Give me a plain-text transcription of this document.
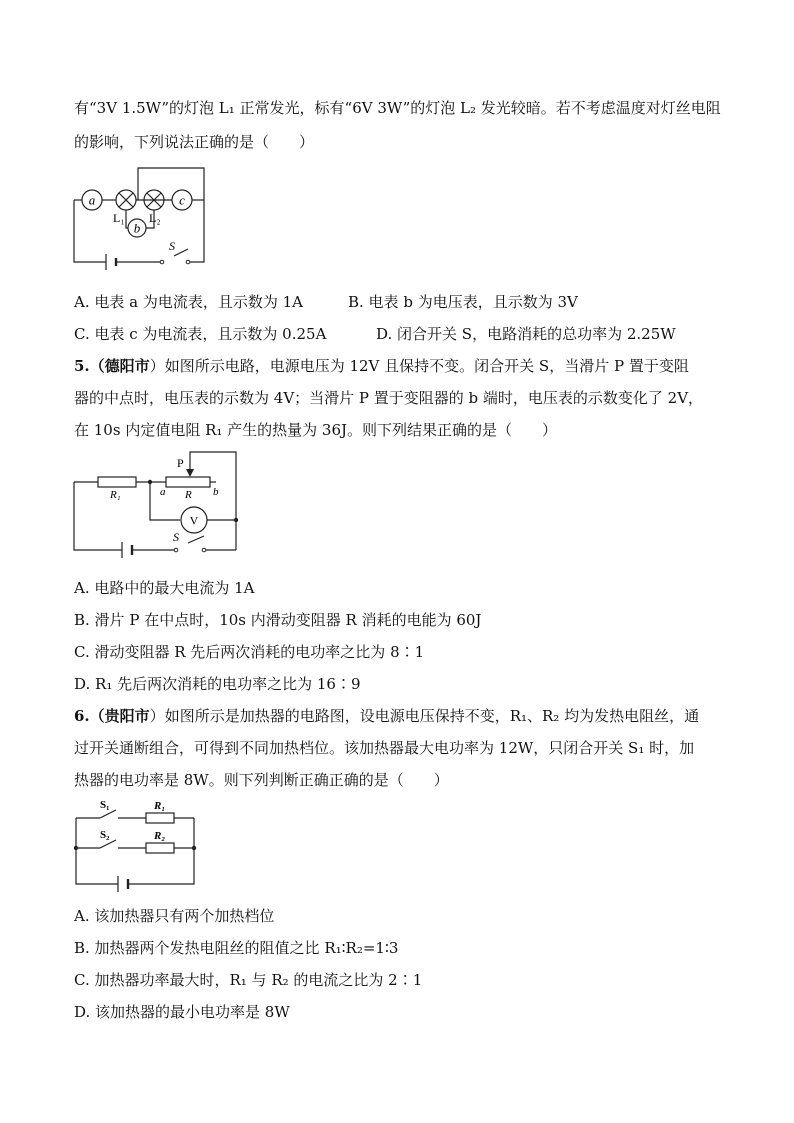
有“3V 1.5W”的灯泡 L₁ 正常发光，标有“6V 3W”的灯泡 L₂ 发光较暗。若不考虑温度对灯丝电阻
的影响，下列说法正确的是（　　）
a	c
b
L₁ L₂
S
A. 电表 a 为电流表，且示数为 1A	B. 电表 b 为电压表，且示数为 3V
C. 电表 c 为电流表，且示数为 0.25A	D. 闭合开关 S，电路消耗的总功率为 2.25W
5.（德阳市）如图所示电路，电源电压为 12V 且保持不变。闭合开关 S，当滑片 P 置于变阻
器的中点时，电压表的示数为 4V；当滑片 P 置于变阻器的 b 端时，电压表的示数变化了 2V，
在 10s 内定值电阻 R₁ 产生的热量为 36J。则下列结果正确的是（　　）
P
R₁	a R b
V
S
A. 电路中的最大电流为 1A
B. 滑片 P 在中点时，10s 内滑动变阻器 R 消耗的电能为 60J
C. 滑动变阻器 R 先后两次消耗的电功率之比为 8∶1
D. R₁ 先后两次消耗的电功率之比为 16∶9
6.（贵阳市）如图所示是加热器的电路图，设电源电压保持不变，R₁、R₂ 均为发热电阻丝，通
过开关通断组合，可得到不同加热档位。该加热器最大电功率为 12W，只闭合开关 S₁ 时，加
热器的电功率是 8W。则下列判断正确正确的是（　　）
S₁	R₁
S₂	R₂
A. 该加热器只有两个加热档位
B. 加热器两个发热电阻丝的阻值之比 R₁∶R₂=1∶3
C. 加热器功率最大时，R₁ 与 R₂ 的电流之比为 2∶1
D. 该加热器的最小电功率是 8W
